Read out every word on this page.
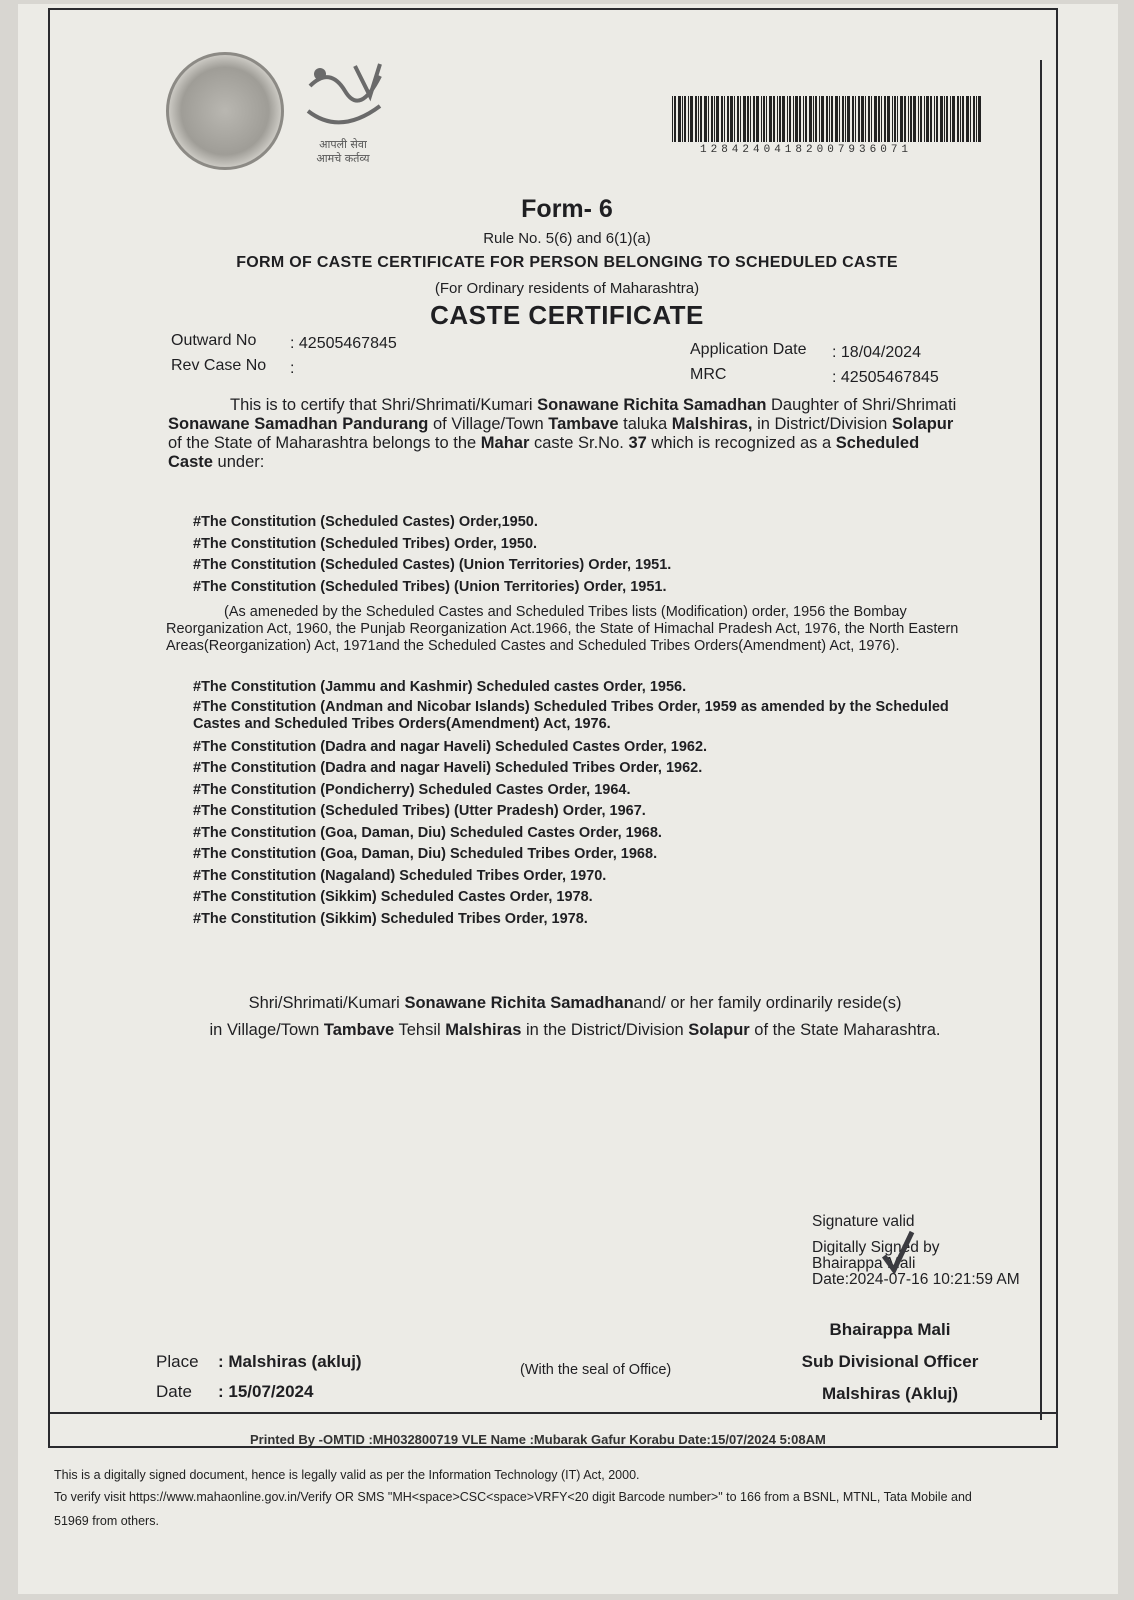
आपली सेवा
आमचे कर्तव्य
12842404182007936071
Form- 6
Rule No. 5(6) and 6(1)(a)
FORM OF CASTE CERTIFICATE FOR PERSON BELONGING TO SCHEDULED CASTE
(For Ordinary residents of Maharashtra)
CASTE CERTIFICATE
Outward No : 42505467845
Rev Case No :
Application Date : 18/04/2024
MRC	: 42505467845
This is to certify that Shri/Shrimati/Kumari Sonawane Richita Samadhan Daughter of Shri/Shrimati Sonawane Samadhan Pandurang of Village/Town Tambave taluka Malshiras, in District/Division Solapur of the State of Maharashtra belongs to the Mahar caste Sr.No. 37 which is recognized as a Scheduled Caste under:
#The Constitution (Scheduled Castes) Order,1950.
#The Constitution (Scheduled Tribes) Order, 1950.
#The Constitution (Scheduled Castes) (Union Territories) Order, 1951.
#The Constitution (Scheduled Tribes) (Union Territories) Order, 1951.
(As ameneded by the Scheduled Castes and Scheduled Tribes lists (Modification) order, 1956 the Bombay Reorganization Act, 1960, the Punjab Reorganization Act.1966, the State of Himachal Pradesh Act, 1976, the North Eastern Areas(Reorganization) Act, 1971and the Scheduled Castes and Scheduled Tribes Orders(Amendment) Act, 1976).
#The Constitution (Jammu and Kashmir) Scheduled castes Order, 1956.
#The Constitution (Andman and Nicobar Islands) Scheduled Tribes Order, 1959 as amended by the Scheduled Castes and Scheduled Tribes Orders(Amendment) Act, 1976.
#The Constitution (Dadra and nagar Haveli) Scheduled Castes Order, 1962.
#The Constitution (Dadra and nagar Haveli) Scheduled Tribes Order, 1962.
#The Constitution (Pondicherry) Scheduled Castes Order, 1964.
#The Constitution (Scheduled Tribes) (Utter Pradesh) Order, 1967.
#The Constitution (Goa, Daman, Diu) Scheduled Castes Order, 1968.
#The Constitution (Goa, Daman, Diu) Scheduled Tribes Order, 1968.
#The Constitution (Nagaland) Scheduled Tribes Order, 1970.
#The Constitution (Sikkim) Scheduled Castes Order, 1978.
#The Constitution (Sikkim) Scheduled Tribes Order, 1978.
Shri/Shrimati/Kumari Sonawane Richita Samadhanand/ or her family ordinarily reside(s)
in Village/Town Tambave Tehsil Malshiras in the District/Division Solapur of the State Maharashtra.
Signature valid
Digitally Signed by
Bhairappa Mali
Date:2024-07-16 10:21:59 AM
Bhairappa Mali
Sub Divisional Officer
Malshiras (Akluj)
Place : Malshiras (akluj)
Date : 15/07/2024
(With the seal of Office)
Printed By -OMTID :MH032800719 VLE Name :Mubarak Gafur Korabu Date:15/07/2024 5:08AM
This is a digitally signed document, hence is legally valid as per the Information Technology (IT) Act, 2000.
To verify visit https://www.mahaonline.gov.in/Verify OR SMS "MH<space>CSC<space>VRFY<20 digit Barcode number>" to 166 from a BSNL, MTNL, Tata Mobile and
51969 from others.
